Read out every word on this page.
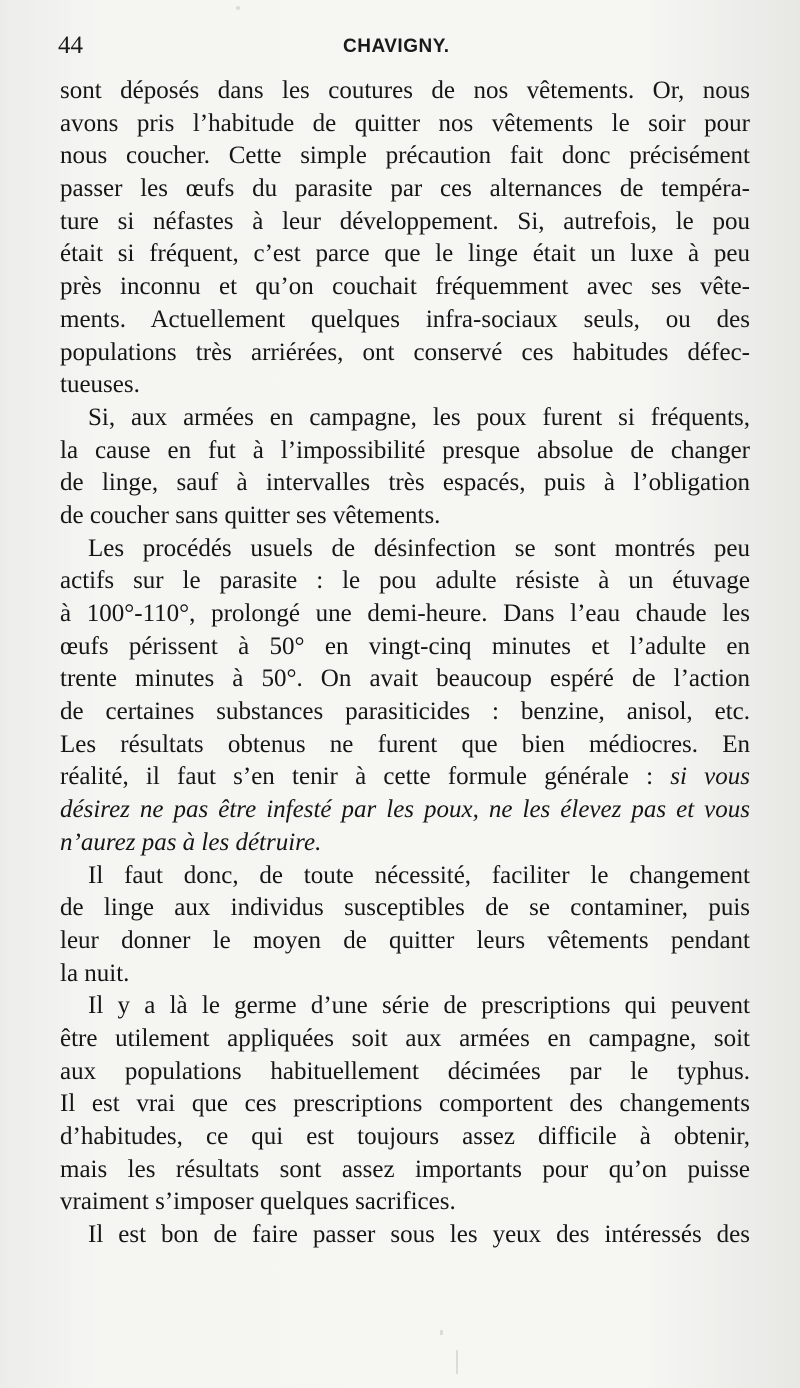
44	CHAVIGNY.
sont déposés dans les coutures de nos vêtements. Or, nous
avons pris l’habitude de quitter nos vêtements le soir pour
nous coucher. Cette simple précaution fait donc précisément
passer les œufs du parasite par ces alternances de tempéra-
ture si néfastes à leur développement. Si, autrefois, le pou
était si fréquent, c’est parce que le linge était un luxe à peu
près inconnu et qu’on couchait fréquemment avec ses vête-
ments. Actuellement quelques infra-sociaux seuls, ou des
populations très arriérées, ont conservé ces habitudes défec-
tueuses.
Si, aux armées en campagne, les poux furent si fréquents,
la cause en fut à l’impossibilité presque absolue de changer
de linge, sauf à intervalles très espacés, puis à l’obligation
de coucher sans quitter ses vêtements.
Les procédés usuels de désinfection se sont montrés peu
actifs sur le parasite : le pou adulte résiste à un étuvage
à 100°-110°, prolongé une demi-heure. Dans l’eau chaude les
œufs périssent à 50° en vingt-cinq minutes et l’adulte en
trente minutes à 50°. On avait beaucoup espéré de l’action
de certaines substances parasiticides : benzine, anisol, etc.
Les résultats obtenus ne furent que bien médiocres. En
réalité, il faut s’en tenir à cette formule générale : si vous
désirez ne pas être infesté par les poux, ne les élevez pas et vous
n’aurez pas à les détruire.
Il faut donc, de toute nécessité, faciliter le changement
de linge aux individus susceptibles de se contaminer, puis
leur donner le moyen de quitter leurs vêtements pendant
la nuit.
Il y a là le germe d’une série de prescriptions qui peuvent
être utilement appliquées soit aux armées en campagne, soit
aux populations habituellement décimées par le typhus.
Il est vrai que ces prescriptions comportent des changements
d’habitudes, ce qui est toujours assez difficile à obtenir,
mais les résultats sont assez importants pour qu’on puisse
vraiment s’imposer quelques sacrifices.
Il est bon de faire passer sous les yeux des intéressés des
